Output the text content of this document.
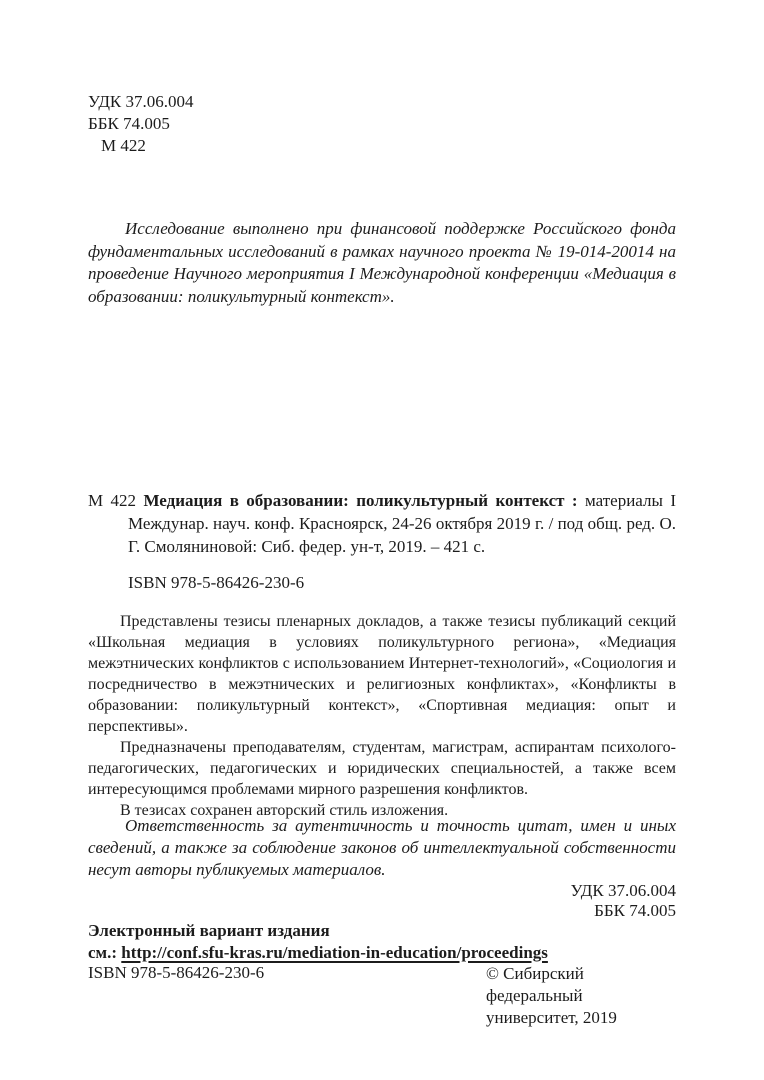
УДК 37.06.004
ББК 74.005
М 422

Исследование выполнено при финансовой поддержке Российского фонда фундаментальных исследований в рамках научного проекта № 19-014-20014 на проведение Научного мероприятия I Международной конференции «Медиация в образовании: поликультурный контекст».

М 422 Медиация в образовании: поликультурный контекст : материалы I Междунар. науч. конф. Красноярск, 24-26 октября 2019 г. / под общ. ред. О. Г. Смоляниновой: Сиб. федер. ун-т, 2019. – 421 с.

ISBN 978-5-86426-230-6

Представлены тезисы пленарных докладов, а также тезисы публикаций секций «Школьная медиация в условиях поликультурного региона», «Медиация межэтнических конфликтов с использованием Интернет-технологий», «Социология и посредничество в межэтнических и религиозных конфликтах», «Конфликты в образовании: поликультурный контекст», «Спортивная медиация: опыт и перспективы».

Предназначены преподавателям, студентам, магистрам, аспирантам психолого-педагогических, педагогических и юридических специальностей, а также всем интересующимся проблемами мирного разрешения конфликтов.

В тезисах сохранен авторский стиль изложения.

Ответственность за аутентичность и точность цитат, имен и иных сведений, а также за соблюдение законов об интеллектуальной собственности несут авторы публикуемых материалов.

УДК 37.06.004
ББК 74.005
Электронный вариант издания
см.: http://conf.sfu-kras.ru/mediation-in-education/proceedings
ISBN 978-5-86426-230-6	© Сибирский федеральный
университет, 2019
